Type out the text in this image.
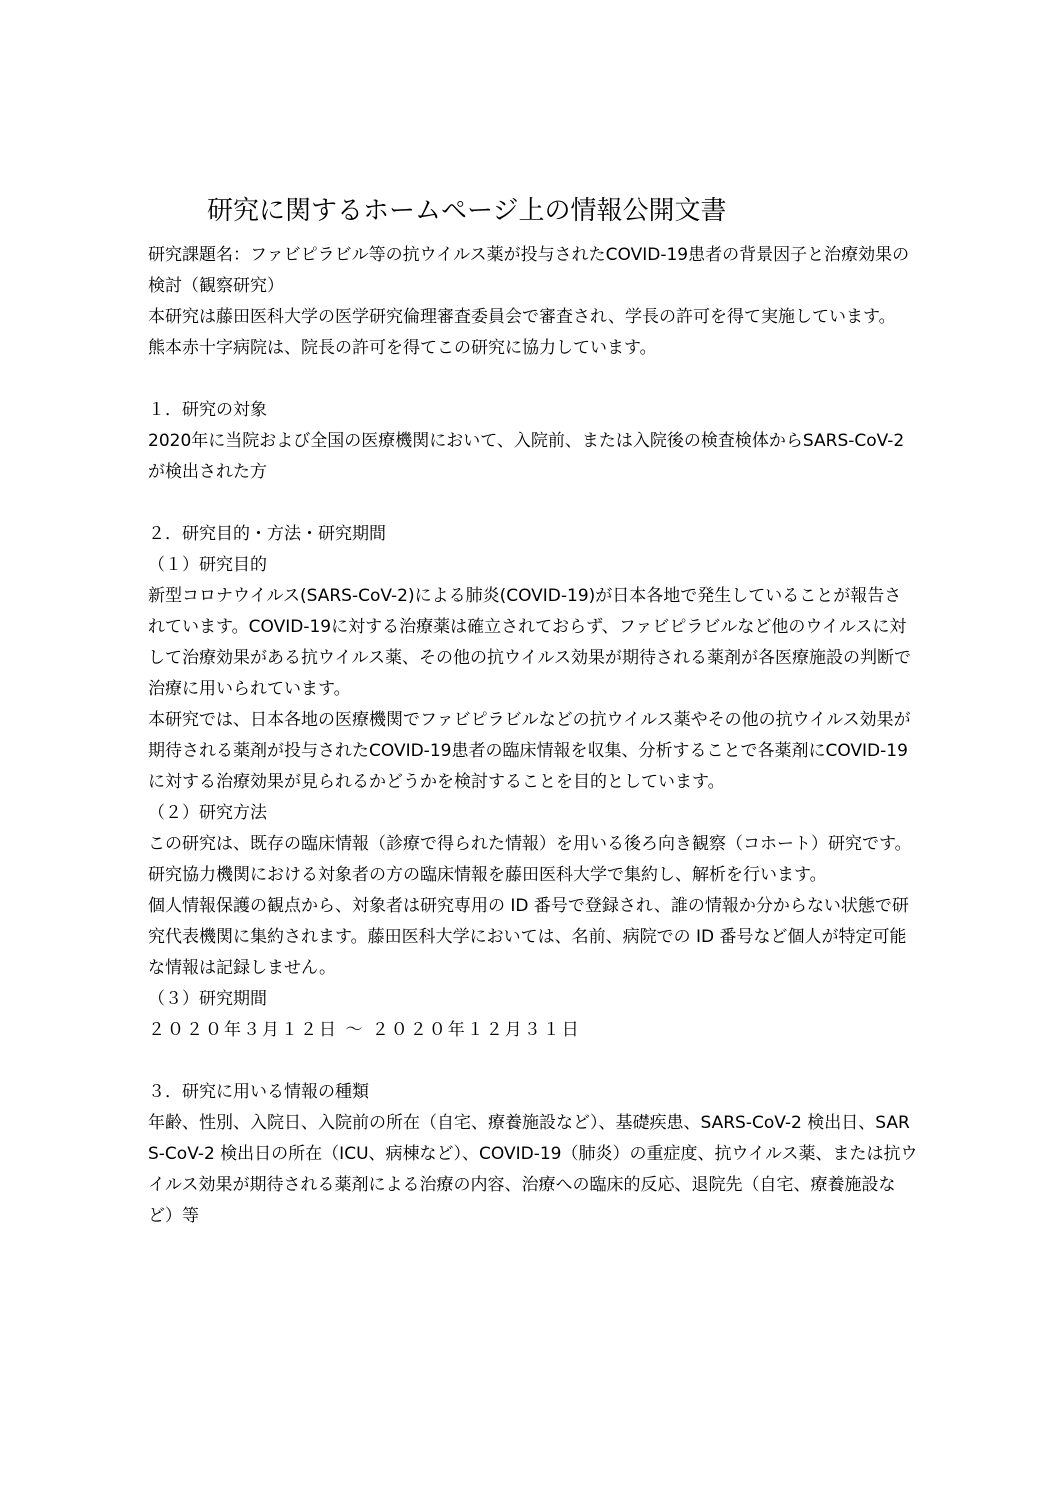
研究に関するホームページ上の情報公開文書

研究課題名：ファビピラビル等の抗ウイルス薬が投与されたCOVID-19患者の背景因子と治療効果の検討（観察研究）

本研究は藤田医科大学の医学研究倫理審査委員会で審査され、学長の許可を得て実施しています。　熊本赤十字病院は、院長の許可を得てこの研究に協力しています。

１．研究の対象

2020年に当院および全国の医療機関において、入院前、または入院後の検査検体からSARS-CoV-2 が検出された方

２．研究目的・方法・研究期間

（１）研究目的

新型コロナウイルス(SARS-CoV-2)による肺炎(COVID-19)が日本各地で発生していることが報告されています。COVID-19に対する治療薬は確立されておらず、ファビピラビルなど他のウイルスに対して治療効果がある抗ウイルス薬、その他の抗ウイルス効果が期待される薬剤が各医療施設の判断で治療に用いられています。

本研究では、日本各地の医療機関でファビピラビルなどの抗ウイルス薬やその他の抗ウイルス効果が期待される薬剤が投与されたCOVID-19患者の臨床情報を収集、分析することで各薬剤にCOVID-19に対する治療効果が見られるかどうかを検討することを目的としています。

（２）研究方法

この研究は、既存の臨床情報（診療で得られた情報）を用いる後ろ向き観察（コホート）研究です。研究協力機関における対象者の方の臨床情報を藤田医科大学で集約し、解析を行います。

個人情報保護の観点から、対象者は研究専用の ID 番号で登録され、誰の情報か分からない状態で研究代表機関に集約されます。藤田医科大学においては、名前、病院での ID 番号など個人が特定可能な情報は記録しません。

（３）研究期間

２０２０年３月１２日 ～ ２０２０年１２月３１日

３．研究に用いる情報の種類

年齢、性別、入院日、入院前の所在（自宅、療養施設など）、基礎疾患、SARS-CoV-2 検出日、SARS-CoV-2 検出日の所在（ICU、病棟など）、COVID-19（肺炎）の重症度、抗ウイルス薬、または抗ウイルス効果が期待される薬剤による治療の内容、治療への臨床的反応、退院先（自宅、療養施設など）等
